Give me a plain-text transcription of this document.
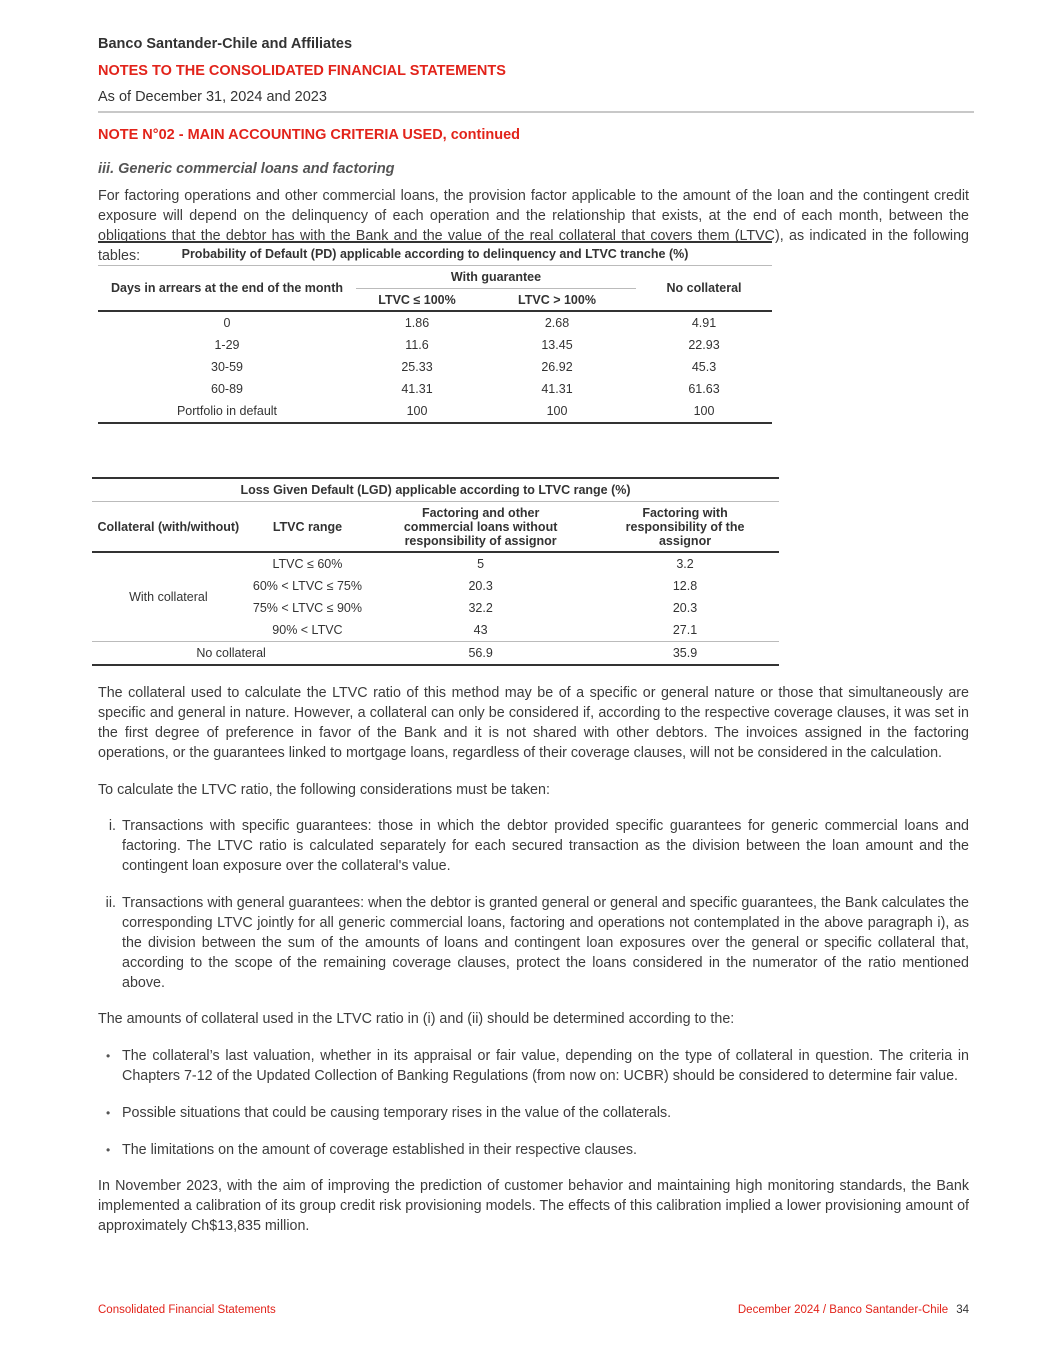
Banco Santander-Chile and Affiliates
NOTES TO THE CONSOLIDATED FINANCIAL STATEMENTS
As of December 31, 2024 and 2023
NOTE N°02 - MAIN ACCOUNTING CRITERIA USED, continued
iii. Generic commercial loans and factoring

For factoring operations and other commercial loans, the provision factor applicable to the amount of the loan and the contingent credit exposure will depend on the delinquency of each operation and the relationship that exists, at the end of each month, between the obligations that the debtor has with the Bank and the value of the real collateral that covers them (LTVC), as indicated in the following tables:	Probability of Default (PD) applicable according to delinquency and LTVC tranche (%)			
Days in arrears at the end of the month	With guarantee		No collateral
	LTVC ≤ 100%	LTVC > 100%	
0	1.86	2.68	4.91
1-29	11.6	13.45	22.93
30-59	25.33	26.92	45.3
60-89	41.31	41.31	61.63
Portfolio in default	100	100	100
Loss Given Default (LGD) applicable according to LTVC range (%)			
Collateral (with/without)	LTVC range	Factoring and other commercial loans without responsibility of assignor	Factoring with responsibility of the assignor
With collateral	LTVC ≤ 60%	5	3.2
	60% < LTVC ≤ 75%	20.3	12.8
	75% < LTVC ≤ 90%	32.2	20.3
	90% < LTVC	43	27.1
No collateral		56.9	35.9

The collateral used to calculate the LTVC ratio of this method may be of a specific or general nature or those that simultaneously are specific and general in nature. However, a collateral can only be considered if, according to the respective coverage clauses, it was set in the first degree of preference in favor of the Bank and it is not shared with other debtors. The invoices assigned in the factoring operations, or the guarantees linked to mortgage loans, regardless of their coverage clauses, will not be considered in the calculation.

To calculate the LTVC ratio, the following considerations must be taken:

i. Transactions with specific guarantees: those in which the debtor provided specific guarantees for generic commercial loans and factoring. The LTVC ratio is calculated separately for each secured transaction as the division between the loan amount and the contingent loan exposure over the collateral's value.
ii. Transactions with general guarantees: when the debtor is granted general or general and specific guarantees, the Bank calculates the corresponding LTVC jointly for all generic commercial loans, factoring and operations not contemplated in the above paragraph i), as the division between the sum of the amounts of loans and contingent loan exposures over the general or specific collateral that, according to the scope of the remaining coverage clauses, protect the loans considered in the numerator of the ratio mentioned above.

The amounts of collateral used in the LTVC ratio in (i) and (ii) should be determined according to the:

• The collateral’s last valuation, whether in its appraisal or fair value, depending on the type of collateral in question. The criteria in Chapters 7-12 of the Updated Collection of Banking Regulations (from now on: UCBR) should be considered to determine fair value.
• Possible situations that could be causing temporary rises in the value of the collaterals.
• The limitations on the amount of coverage established in their respective clauses.

In November 2023, with the aim of improving the prediction of customer behavior and maintaining high monitoring standards, the Bank implemented a calibration of its group credit risk provisioning models. The effects of this calibration implied a lower provisioning amount of approximately Ch$13,835 million.

Consolidated Financial Statements	December 2024 / Banco Santander-Chile 34
